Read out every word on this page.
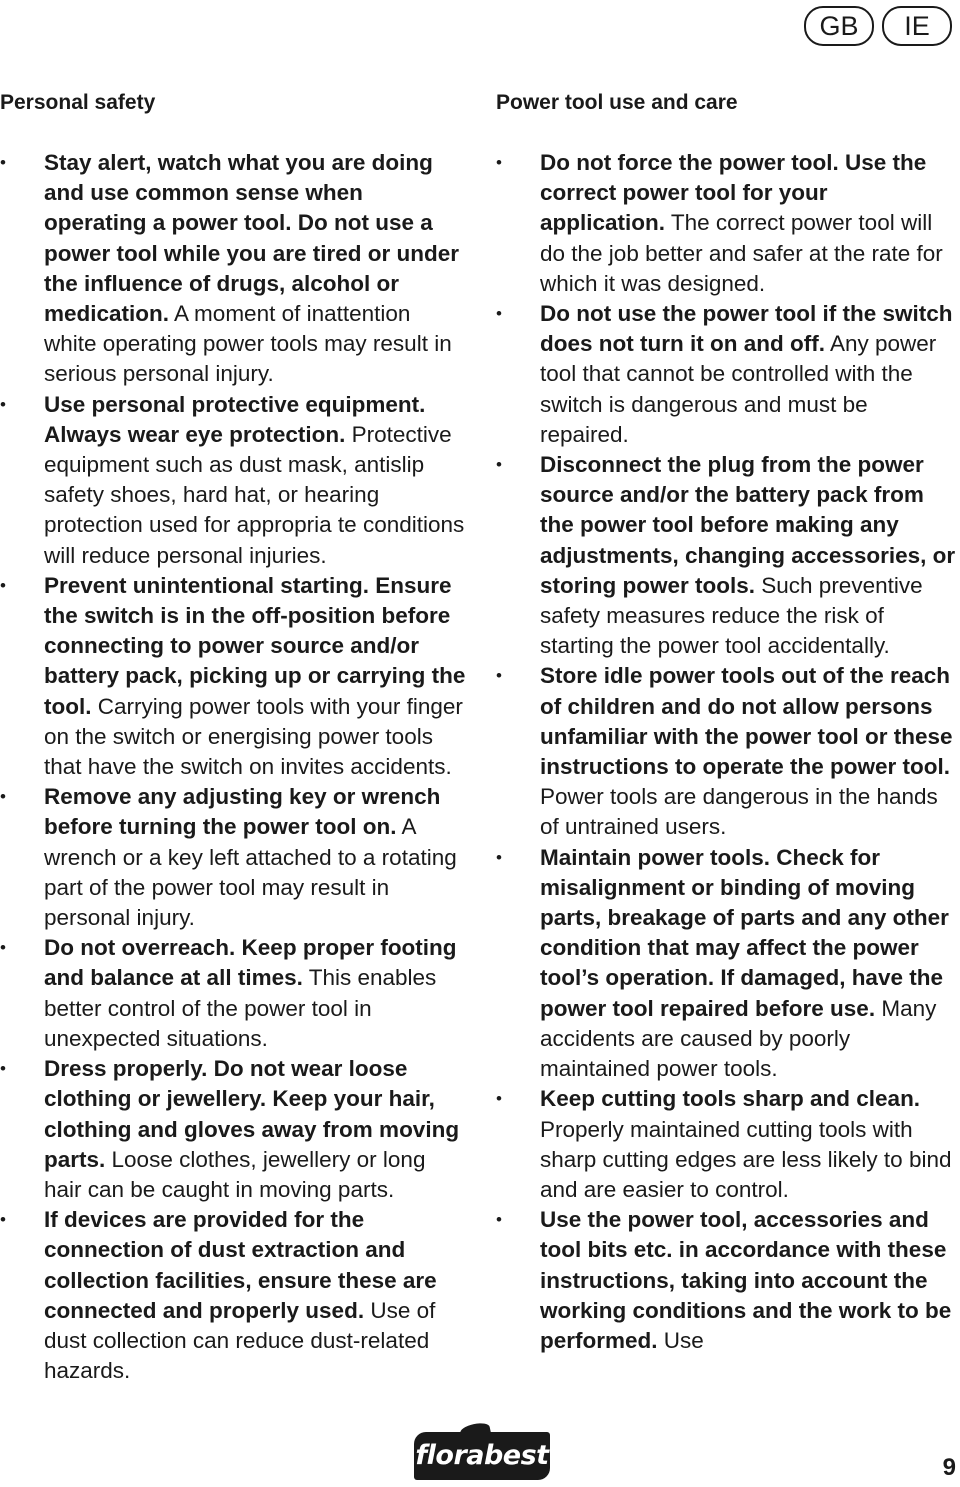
GB	IE
Personal safety
• Stay alert, watch what you are doing and use common sense when operating a power tool. Do not use a power tool while you are tired or under the influence of drugs, alcohol or medication. A moment of inattention white operating power tools may result in serious personal injury.
• Use personal protective equipment. Always wear eye protection. Protective equipment such as dust mask, antislip safety shoes, hard hat, or hearing protection used for appropria te conditions will reduce personal injuries.
• Prevent unintentional starting. Ensure the switch is in the off-position before connecting to power source and/or battery pack, picking up or carrying the tool. Carrying power tools with your finger on the switch or energising power tools that have the switch on invites accidents.
• Remove any adjusting key or wrench before turning the power tool on. A wrench or a key left attached to a rotating part of the power tool may result in personal injury.
• Do not overreach. Keep proper footing and balance at all times. This enables better control of the power tool in unexpected situations.
• Dress properly. Do not wear loose clothing or jewellery. Keep your hair, clothing and gloves away from moving parts. Loose clothes, jewellery or long hair can be caught in moving parts.
• If devices are provided for the connection of dust extraction and collection facilities, ensure these are connected and properly used. Use of dust collection can reduce dust-related hazards.
Power tool use and care
• Do not force the power tool. Use the correct power tool for your application. The correct power tool will do the job better and safer at the rate for which it was designed.
• Do not use the power tool if the switch does not turn it on and off. Any power tool that cannot be controlled with the switch is dangerous and must be repaired.
• Disconnect the plug from the power source and/or the battery pack from the power tool before making any adjustments, changing accessories, or storing power tools. Such preventive safety measures reduce the risk of starting the power tool accidentally.
• Store idle power tools out of the reach of children and do not allow persons unfamiliar with the power tool or these instructions to operate the power tool. Power tools are dangerous in the hands of untrained users.
• Maintain power tools. Check for misalignment or binding of moving parts, breakage of parts and any other condition that may affect the power tool’s operation. If damaged, have the power tool repaired before use. Many accidents are caused by poorly maintained power tools.
• Keep cutting tools sharp and clean. Properly maintained cutting tools with sharp cutting edges are less likely to bind and are easier to control.
• Use the power tool, accessories and tool bits etc. in accordance with these instructions, taking into account the working conditions and the work to be performed. Use
florabest	9
